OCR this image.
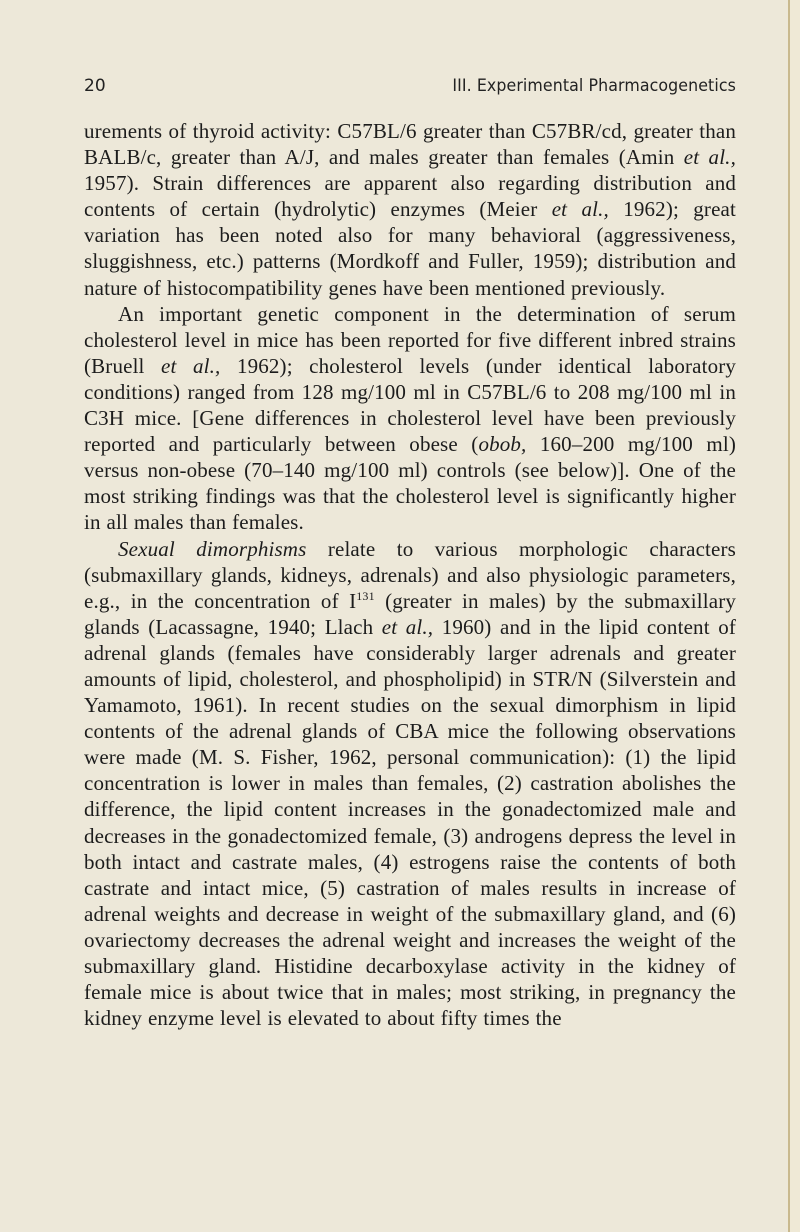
20	III. Experimental Pharmacogenetics

urements of thyroid activity: C57BL/6 greater than C57BR/cd, greater than BALB/c, greater than A/J, and males greater than females (Amin et al., 1957). Strain differences are apparent also regarding distribution and contents of certain (hydrolytic) enzymes (Meier et al., 1962); great variation has been noted also for many behavioral (aggressiveness, sluggishness, etc.) patterns (Mordkoff and Fuller, 1959); distribution and nature of histocompatibility genes have been mentioned previously.

An important genetic component in the determination of serum cholesterol level in mice has been reported for five different inbred strains (Bruell et al., 1962); cholesterol levels (under identical laboratory conditions) ranged from 128 mg/100 ml in C57BL/6 to 208 mg/100 ml in C3H mice. [Gene differences in cholesterol level have been previously reported and particularly between obese (obob, 160–200 mg/100 ml) versus non-obese (70–140 mg/100 ml) controls (see below)]. One of the most striking findings was that the cholesterol level is significantly higher in all males than females.

Sexual dimorphisms relate to various morphologic characters (submaxillary glands, kidneys, adrenals) and also physiologic parameters, e.g., in the concentration of $I^{131}$ (greater in males) by the submaxillary glands (Lacassagne, 1940; Llach et al., 1960) and in the lipid content of adrenal glands (females have considerably larger adrenals and greater amounts of lipid, cholesterol, and phospholipid) in STR/N (Silverstein and Yamamoto, 1961). In recent studies on the sexual dimorphism in lipid contents of the adrenal glands of CBA mice the following observations were made (M. S. Fisher, 1962, personal communication): (1) the lipid concentration is lower in males than females, (2) castration abolishes the difference, the lipid content increases in the gonadectomized male and decreases in the gonadectomized female, (3) androgens depress the level in both intact and castrate males, (4) estrogens raise the contents of both castrate and intact mice, (5) castration of males results in increase of adrenal weights and decrease in weight of the submaxillary gland, and (6) ovariectomy decreases the adrenal weight and increases the weight of the submaxillary gland. Histidine decarboxylase activity in the kidney of female mice is about twice that in males; most striking, in pregnancy the kidney enzyme level is elevated to about fifty times the
